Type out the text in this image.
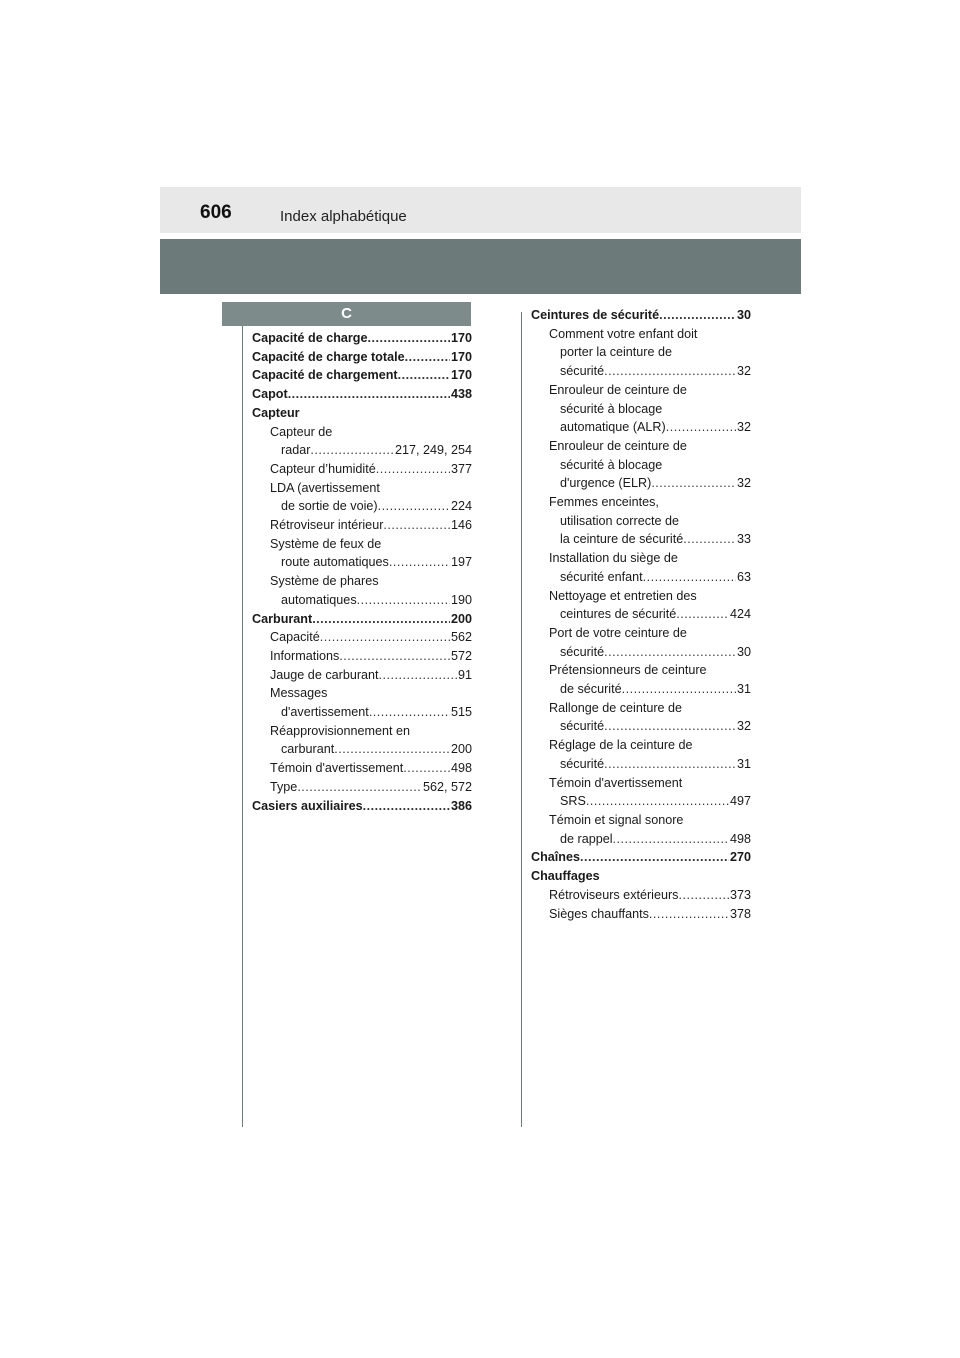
606	Index alphabétique
C
Capacité de charge .....	170
Capacité de charge totale .....	170
Capacité de chargement .....	170
Capot .....	438
Capteur
Capteur de
radar .....	217, 249, 254
Capteur d’humidité .....	377
LDA (avertissement
de sortie de voie) .....	224
Rétroviseur intérieur .....	146
Système de feux de
route automatiques .....	197
Système de phares
automatiques .....	190
Carburant .....	200
Capacité .....	562
Informations .....	572
Jauge de carburant .....	91
Messages
d'avertissement .....	515
Réapprovisionnement en
carburant .....	200
Témoin d'avertissement .....	498
Type .....	562, 572
Casiers auxiliaires .....	386
Ceintures de sécurité .....	30
Comment votre enfant doit
porter la ceinture de
sécurité .....	32
Enrouleur de ceinture de
sécurité à blocage
automatique (ALR) .....	32
Enrouleur de ceinture de
sécurité à blocage
d'urgence (ELR) .....	32
Femmes enceintes,
utilisation correcte de
la ceinture de sécurité .....	33
Installation du siège de
sécurité enfant .....	63
Nettoyage et entretien des
ceintures de sécurité .....	424
Port de votre ceinture de
sécurité .....	30
Prétensionneurs de ceinture
de sécurité .....	31
Rallonge de ceinture de
sécurité .....	32
Réglage de la ceinture de
sécurité .....	31
Témoin d'avertissement
SRS .....	497
Témoin et signal sonore
de rappel .....	498
Chaînes .....	270
Chauffages
Rétroviseurs extérieurs .....	373
Sièges chauffants .....	378
